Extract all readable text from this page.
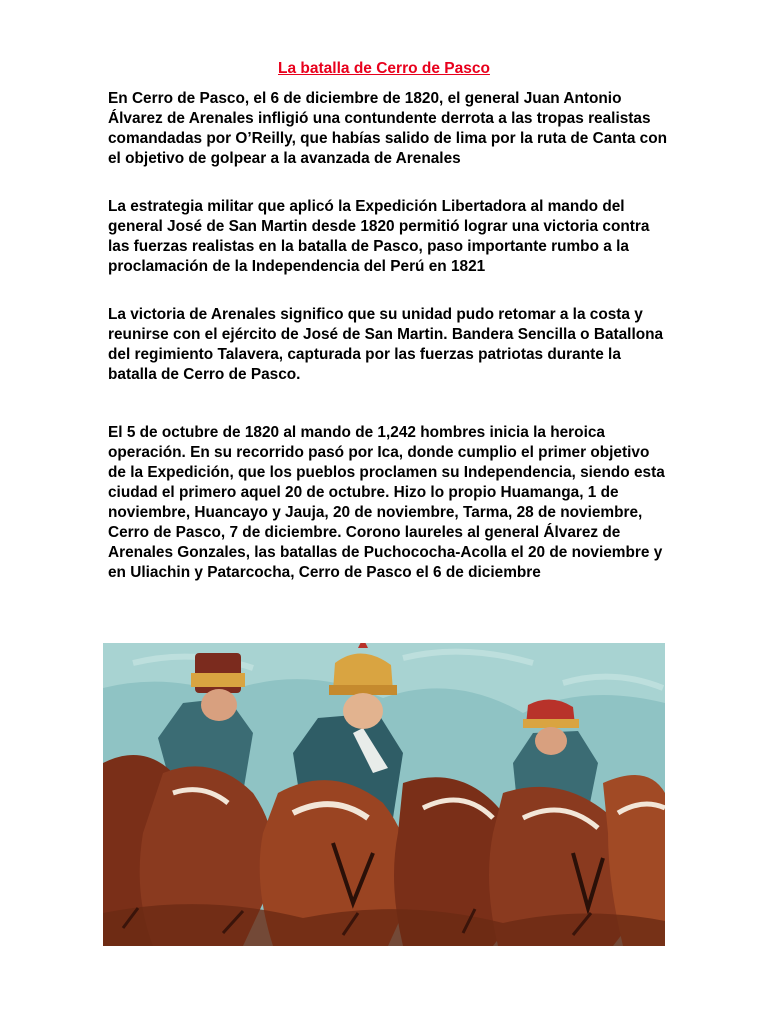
La batalla de Cerro de Pasco

En Cerro de Pasco, el 6 de diciembre de 1820, el general Juan Antonio Álvarez de Arenales infligió una contundente derrota a las tropas realistas comandadas por O’Reilly, que habías salido de lima por la ruta de Canta con el objetivo de golpear a la avanzada de Arenales

La estrategia militar que aplicó la Expedición Libertadora al mando del general José de San Martin desde 1820 permitió lograr una victoria contra las fuerzas realistas en la batalla de Pasco, paso importante rumbo a la proclamación de la Independencia del Perú en 1821

La victoria de Arenales significo que su unidad pudo retomar a la costa y reunirse con el ejército de José de San Martin. Bandera Sencilla o Batallona del regimiento Talavera, capturada por las fuerzas patriotas durante la batalla de Cerro de Pasco.

El 5 de octubre de 1820 al mando de 1,242 hombres inicia la heroica operación. En su recorrido pasó por Ica, donde cumplio el primer objetivo de la Expedición, que los pueblos proclamen su Independencia, siendo esta ciudad el primero aquel 20 de octubre. Hizo lo propio Huamanga, 1 de noviembre, Huancayo y Jauja, 20 de noviembre, Tarma, 28 de noviembre, Cerro de Pasco, 7 de diciembre. Corono laureles al general Álvarez de Arenales Gonzales, las batallas de Puchococha-Acolla el 20 de noviembre y en Uliachin y Patarcocha, Cerro de Pasco el 6 de diciembre
